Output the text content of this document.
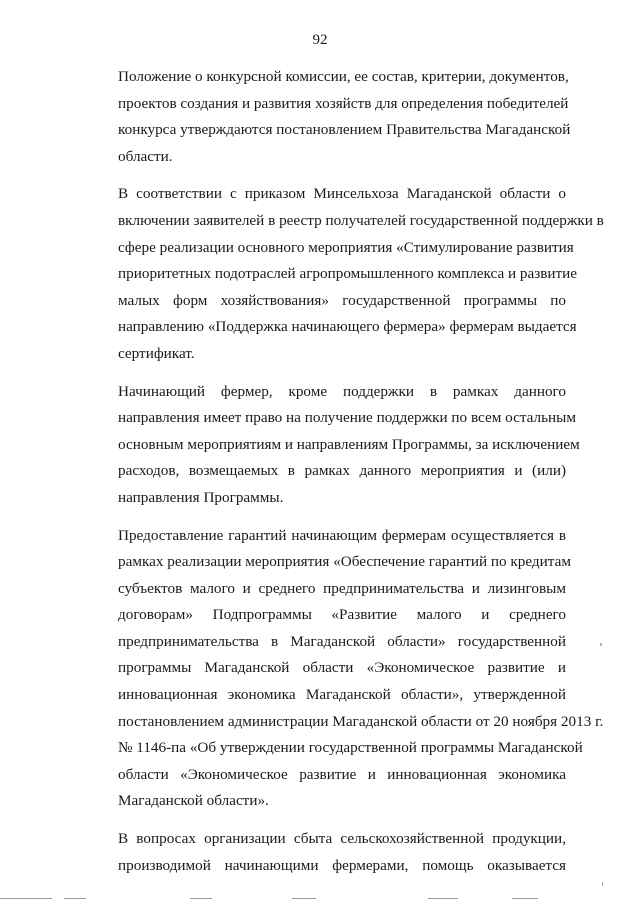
92
Положение о конкурсной комиссии, ее состав, критерии, документов,
проектов создания и развития хозяйств для определения победителей
конкурса утверждаются постановлением Правительства Магаданской
области.
В соответствии с приказом Минсельхоза Магаданской области о
включении заявителей в реестр получателей государственной поддержки в
сфере реализации основного мероприятия «Стимулирование развития
приоритетных подотраслей агропромышленного комплекса и развитие
малых форм хозяйствования» государственной программы по
направлению «Поддержка начинающего фермера» фермерам выдается
сертификат.
Начинающий фермер, кроме поддержки в рамках данного
направления имеет право на получение поддержки по всем остальным
основным мероприятиям и направлениям Программы, за исключением
расходов, возмещаемых в рамках данного мероприятия и (или)
направления Программы.
Предоставление гарантий начинающим фермерам осуществляется в
рамках реализации мероприятия «Обеспечение гарантий по кредитам
субъектов малого и среднего предпринимательства и лизинговым
договорам» Подпрограммы «Развитие малого и среднего
предпринимательства в Магаданской области» государственной
программы Магаданской области «Экономическое развитие и
инновационная экономика Магаданской области», утвержденной
постановлением администрации Магаданской области от 20 ноября 2013 г.
№ 1146-па «Об утверждении государственной программы Магаданской
области «Экономическое развитие и инновационная экономика
Магаданской области».
В вопросах организации сбыта сельскохозяйственной продукции,
производимой начинающими фермерами, помощь оказывается
